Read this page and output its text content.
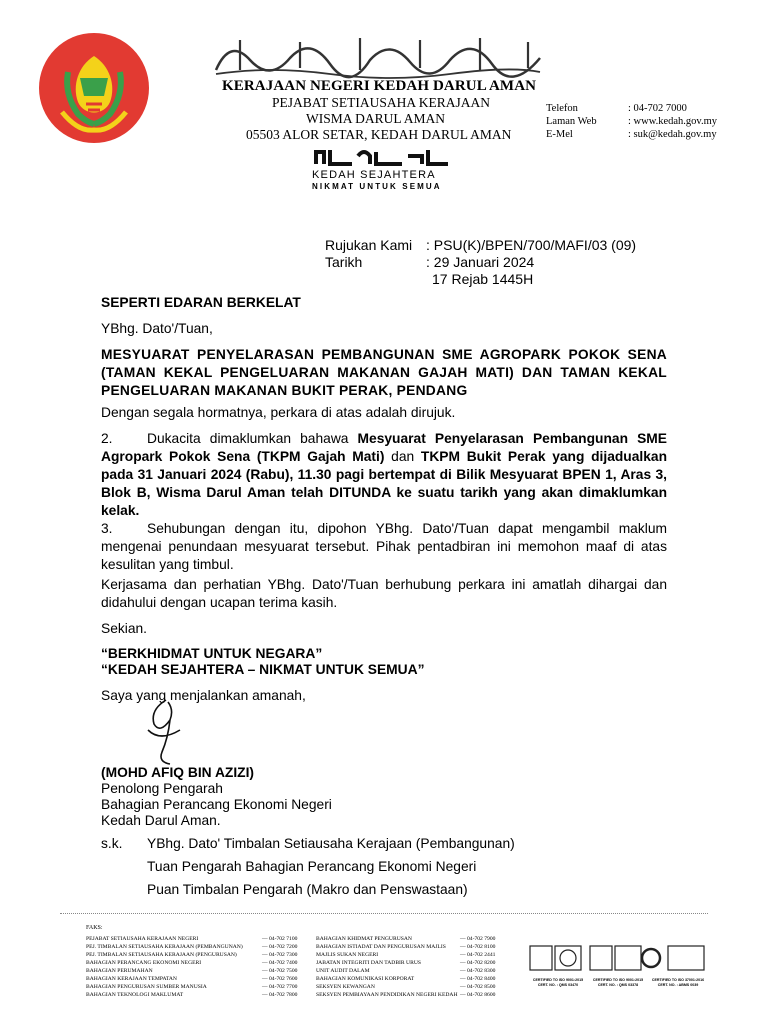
KERAJAAN NEGERI KEDAH DARUL AMAN
PEJABAT SETIAUSAHA KERAJAAN
WISMA DARUL AMAN
05503 ALOR SETAR, KEDAH DARUL AMAN
Telefon	: 04-702 7000
Laman Web	: www.kedah.gov.my
E-Mel	: suk@kedah.gov.my
KEDAH SEJAHTERA
NIKMAT UNTUK SEMUA
Rujukan Kami : PSU(K)/BPEN/700/MAFI/03 (09)
Tarikh	: 29 Januari 2024
17 Rejab 1445H
SEPERTI EDARAN BERKELAT
YBhg. Dato'/Tuan,
MESYUARAT PENYELARASAN PEMBANGUNAN SME AGROPARK POKOK SENA (TAMAN KEKAL PENGELUARAN MAKANAN GAJAH MATI) DAN TAMAN KEKAL PENGELUARAN MAKANAN BUKIT PERAK, PENDANG
Dengan segala hormatnya, perkara di atas adalah dirujuk.
2. Dukacita dimaklumkan bahawa Mesyuarat Penyelarasan Pembangunan SME Agropark Pokok Sena (TKPM Gajah Mati) dan TKPM Bukit Perak yang dijadualkan pada 31 Januari 2024 (Rabu), 11.30 pagi bertempat di Bilik Mesyuarat BPEN 1, Aras 3, Blok B, Wisma Darul Aman telah DITUNDA ke suatu tarikh yang akan dimaklumkan kelak.
3. Sehubungan dengan itu, dipohon YBhg. Dato'/Tuan dapat mengambil maklum mengenai penundaan mesyuarat tersebut. Pihak pentadbiran ini memohon maaf di atas kesulitan yang timbul.
Kerjasama dan perhatian YBhg. Dato'/Tuan berhubung perkara ini amatlah dihargai dan didahului dengan ucapan terima kasih.
Sekian.
“BERKHIDMAT UNTUK NEGARA”
“KEDAH SEJAHTERA – NIKMAT UNTUK SEMUA”
Saya yang menjalankan amanah,
(MOHD AFIQ BIN AZIZI)
Penolong Pengarah
Bahagian Perancang Ekonomi Negeri
Kedah Darul Aman.
s.k.	YBhg. Dato' Timbalan Setiausaha Kerajaan (Pembangunan)
Tuan Pengarah Bahagian Perancang Ekonomi Negeri
Puan Timbalan Pengarah (Makro dan Penswastaan)
FAKS:
PEJABAT SETIAUSAHA KERAJAAN NEGERI	— 04-702 7100
PEJ. TIMBALAN SETIAUSAHA KERAJAAN (PEMBANGUNAN)	— 04-702 7200
PEJ. TIMBALAN SETIAUSAHA KERAJAAN (PENGURUSAN)	— 04-702 7300
BAHAGIAN PERANCANG EKONOMI NEGERI	— 04-702 7400
BAHAGIAN PERUMAHAN	— 04-702 7500
BAHAGIAN KERAJAAN TEMPATAN	— 04-702 7600
BAHAGIAN PENGURUSAN SUMBER MANUSIA	— 04-702 7700
BAHAGIAN TEKNOLOGI MAKLUMAT	— 04-702 7800
BAHAGIAN KHIDMAT PENGURUSAN	— 04-702 7900
BAHAGIAN ISTIADAT DAN PENGURUSAN MAJLIS	— 04-702 8100
MAJLIS SUKAN NEGERI	— 04-702 2441
JABATAN INTEGRITI DAN TADBIR URUS	— 04-702 8200
UNIT AUDIT DALAM	— 04-702 8300
BAHAGIAN KOMUNIKASI KORPORAT	— 04-702 8400
SEKSYEN KEWANGAN	— 04-702 8500
SEKSYEN PEMBIAYAAN PENDIDIKAN NEGERI KEDAH — 04-702 8600
CERTIFIED TO ISO 9001:2015
CERT. NO. : QMS 03470
CERTIFIED TO ISO 9001:2015
CERT. NO. : QMS 03378
CERTIFIED TO ISO 37001:2016
CERT. NO. : ABMS 0039
